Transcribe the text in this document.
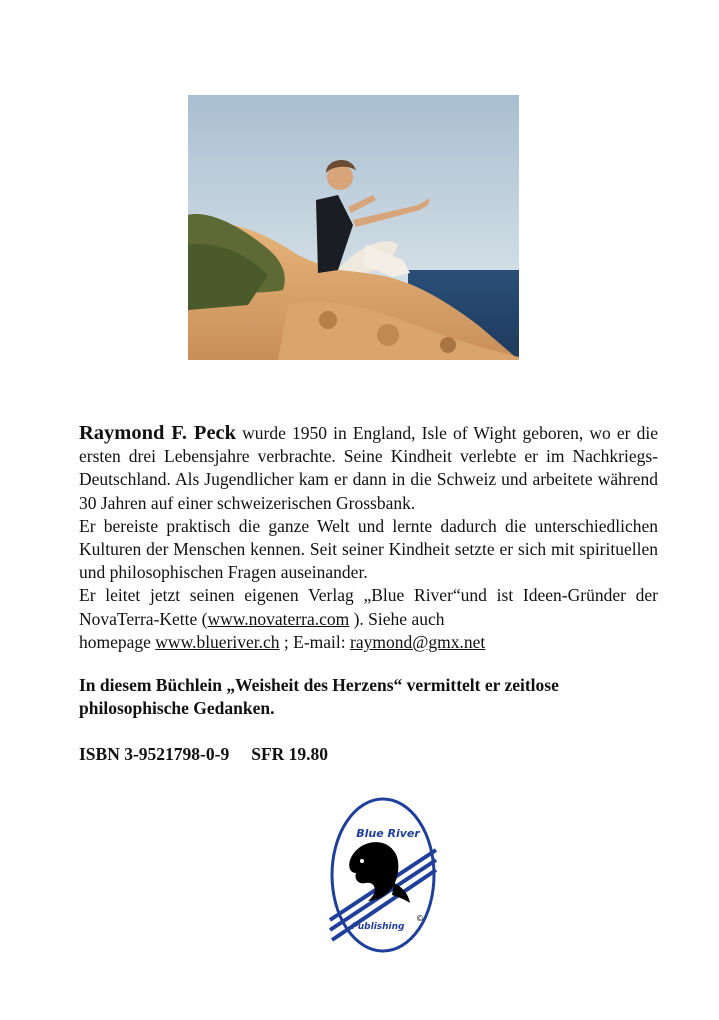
Raymond F. Peck wurde 1950 in England, Isle of Wight geboren, wo er die ersten drei Lebensjahre verbrachte. Seine Kindheit verlebte er im Nachkriegs-Deutschland. Als Jugendlicher kam er dann in die Schweiz und arbeitete während 30 Jahren auf einer schweizerischen Grossbank.

Er bereiste praktisch die ganze Welt und lernte dadurch die unterschiedlichen Kulturen der Menschen kennen. Seit seiner Kindheit setzte er sich mit spirituellen und philosophischen Fragen auseinander.

Er leitet jetzt seinen eigenen Verlag „Blue River“und ist Ideen-Gründer der NovaTerra-Kette (www.novaterra.com ). Siehe auch

homepage www.blueriver.ch ; E-mail: raymond@gmx.net

In diesem Büchlein „Weisheit des Herzens“ vermittelt er zeitlose

philosophische Gedanken.

ISBN 3-9521798-0-9 SFR 19.80
Blue River
Publishing
©
